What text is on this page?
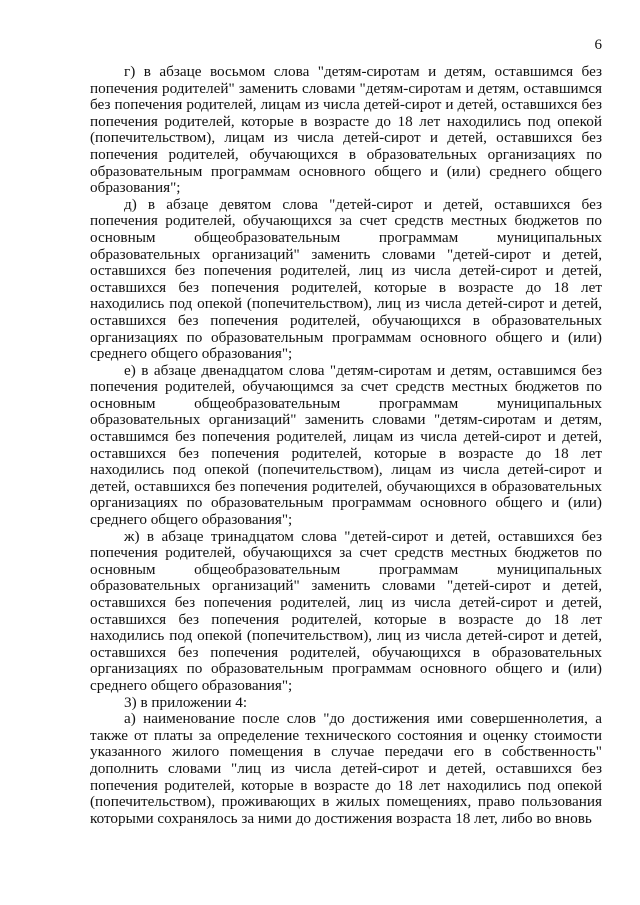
6

г) в абзаце восьмом слова "детям-сиротам и детям, оставшимся без попечения родителей" заменить словами "детям-сиротам и детям, оставшимся без попечения родителей, лицам из числа детей-сирот и детей, оставшихся без попечения родителей, которые в возрасте до 18 лет находились под опекой (попечительством), лицам из числа детей-сирот и детей, оставшихся без попечения родителей, обучающихся в образовательных организациях по образовательным программам основного общего и (или) среднего общего образования";

д) в абзаце девятом слова "детей-сирот и детей, оставшихся без попечения родителей, обучающихся за счет средств местных бюджетов по основным общеобразовательным программам муниципальных образовательных организаций" заменить словами "детей-сирот и детей, оставшихся без попечения родителей, лиц из числа детей-сирот и детей, оставшихся без попечения родителей, которые в возрасте до 18 лет находились под опекой (попечительством), лиц из числа детей-сирот и детей, оставшихся без попечения родителей, обучающихся в образовательных организациях по образовательным программам основного общего и (или) среднего общего образования";

е) в абзаце двенадцатом слова "детям-сиротам и детям, оставшимся без попечения родителей, обучающимся за счет средств местных бюджетов по основным общеобразовательным программам муниципальных образовательных организаций" заменить словами "детям-сиротам и детям, оставшимся без попечения родителей, лицам из числа детей-сирот и детей, оставшихся без попечения родителей, которые в возрасте до 18 лет находились под опекой (попечительством), лицам из числа детей-сирот и детей, оставшихся без попечения родителей, обучающихся в образовательных организациях по образовательным программам основного общего и (или) среднего общего образования";

ж) в абзаце тринадцатом слова "детей-сирот и детей, оставшихся без попечения родителей, обучающихся за счет средств местных бюджетов по основным общеобразовательным программам муниципальных образовательных организаций" заменить словами "детей-сирот и детей, оставшихся без попечения родителей, лиц из числа детей-сирот и детей, оставшихся без попечения родителей, которые в возрасте до 18 лет находились под опекой (попечительством), лиц из числа детей-сирот и детей, оставшихся без попечения родителей, обучающихся в образовательных организациях по образовательным программам основного общего и (или) среднего общего образования";

3) в приложении 4:

а) наименование после слов "до достижения ими совершеннолетия, а также от платы за определение технического состояния и оценку стоимости указанного жилого помещения в случае передачи его в собственность" дополнить словами "лиц из числа детей-сирот и детей, оставшихся без попечения родителей, которые в возрасте до 18 лет находились под опекой (попечительством), проживающих в жилых помещениях, право пользования которыми сохранялось за ними до достижения возраста 18 лет, либо во вновь
